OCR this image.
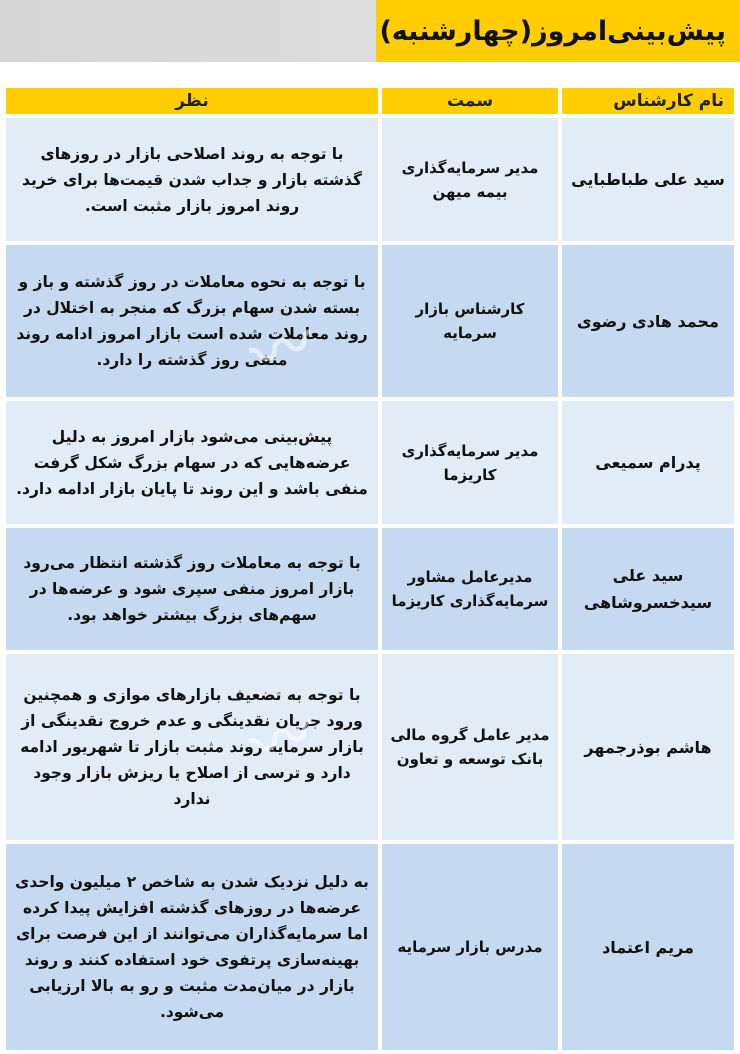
پیش‌بینی‌امروز(چهارشنبه)
نام کارشناس	سمت	نظر
سید علی طباطبایی	مدیر سرمایه‌گذاری بیمه میهن	با توجه به روند اصلاحی بازار در روزهای گذشته بازار و جداب شدن قیمت‌ها برای خرید روند امروز بازار مثبت است.
محمد هادی رضوی	کارشناس بازار سرمایه	با توجه به نحوه معاملات در روز گذشته و باز و بسته شدن سهام بزرگ که منجر به اختلال در روند معاملات شده است بازار امروز ادامه روند منفی روز گذشته را دارد.
پدرام سمیعی	مدیر سرمایه‌گذاری کاریزما	پیش‌بینی می‌شود بازار امروز به دلیل عرضه‌هایی که در سهام بزرگ شکل گرفت منفی باشد و این روند تا پایان بازار ادامه دارد.
سید علی سیدخسروشاهی	مدیرعامل مشاور سرمایه‌گذاری کاریزما	با توجه به معاملات روز گذشته انتظار می‌رود بازار امروز منفی سپری شود و عرضه‌ها در سهم‌های بزرگ بیشتر خواهد بود.
هاشم بوذرجمهر	مدیر عامل گروه مالی بانک توسعه و تعاون	با توجه به تضعیف بازارهای موازی و همچنین ورود جریان نقدینگی و عدم خروج نقدینگی از بازار سرمایه روند مثبت بازار تا شهریور ادامه دارد و ترسی از اصلاح یا ریزش بازار وجود ندارد
مریم اعتماد	مدرس بازار سرمایه	به دلیل نزدیک شدن به شاخص ۲ میلیون واحدی عرضه‌ها در روزهای گذشته افزایش پیدا کرده اما سرمایه‌گذاران می‌توانند از این فرصت برای بهینه‌سازی پرتفوی خود استفاده کنند و روند بازار در میان‌مدت مثبت و رو به بالا ارزیابی می‌شود.
〰
〰
